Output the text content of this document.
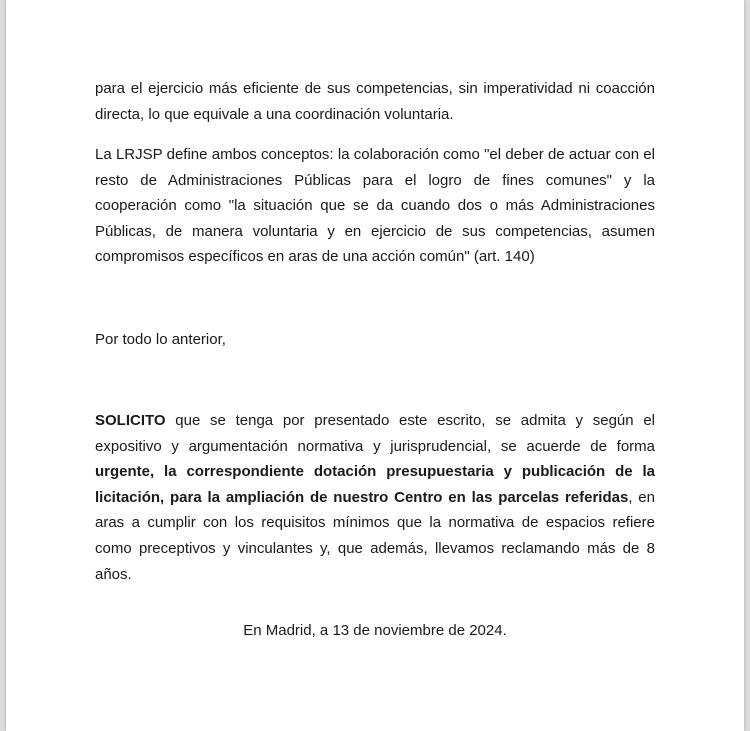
para el ejercicio más eficiente de sus competencias, sin imperatividad ni coacción directa, lo que equivale a una coordinación voluntaria.

La LRJSP define ambos conceptos: la colaboración como "el deber de actuar con el resto de Administraciones Públicas para el logro de fines comunes" y la cooperación como "la situación que se da cuando dos o más Administraciones Públicas, de manera voluntaria y en ejercicio de sus competencias, asumen compromisos específicos en aras de una acción común" (art. 140)

Por todo lo anterior,

SOLICITO que se tenga por presentado este escrito, se admita y según el expositivo y argumentación normativa y jurisprudencial, se acuerde de forma urgente, la correspondiente dotación presupuestaria y publicación de la licitación, para la ampliación de nuestro Centro en las parcelas referidas, en aras a cumplir con los requisitos mínimos que la normativa de espacios refiere como preceptivos y vinculantes y, que además, llevamos reclamando más de 8 años.

En Madrid, a 13 de noviembre de 2024.
